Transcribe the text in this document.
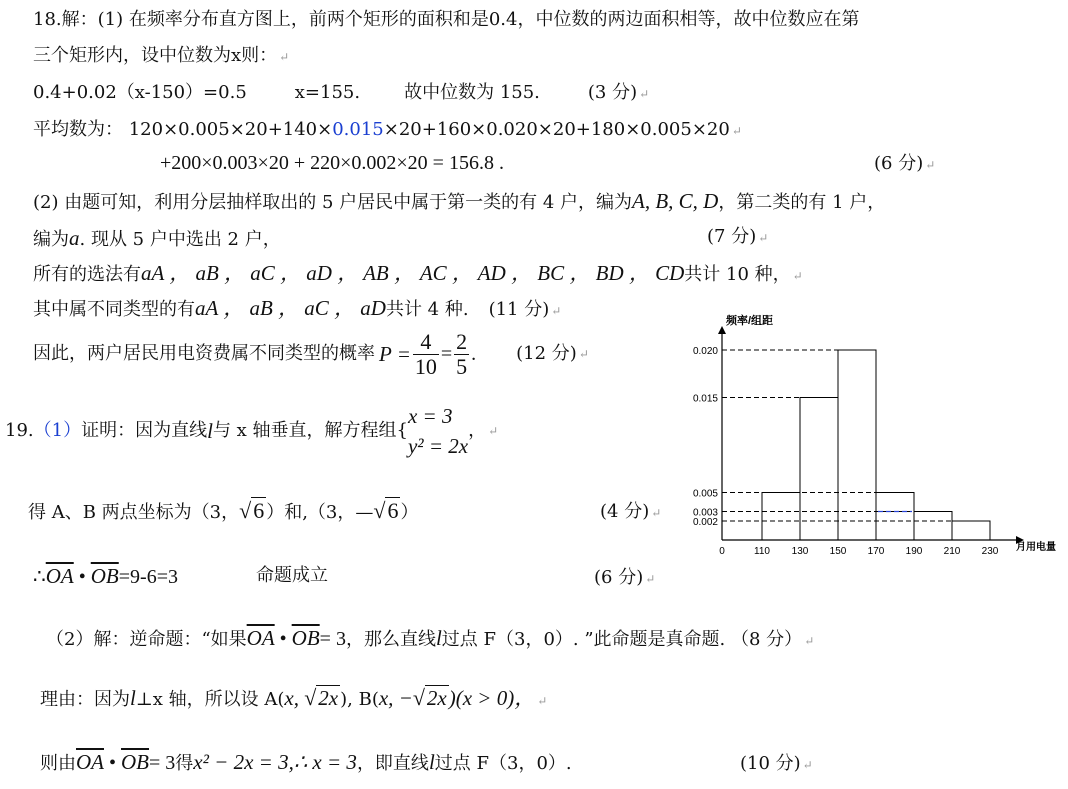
18.解：(1) 在频率分布直方图上，前两个矩形的面积和是0.4，中位数的两边面积相等，故中位数应在第
三个矩形内，设中位数为x则： ↵
0.4+0.02（x-150）=0.5	x=155. 故中位数为 155.	(3 分) ↵
平均数为： 120×0.005×20+140×0.015×20+160×0.020×20+180×0.005×20 ↵
+200×0.003×20 + 220×0.002×20 = 156.8 .	(6 分) ↵
(2) 由题可知，利用分层抽样取出的 5 户居民中属于第一类的有 4 户，编为A, B, C, D，第二类的有 1 户，
编为a. 现从 5 户中选出 2 户，	(7 分) ↵
所有的选法有aA ， aB ， aC ， aD ， AB ， AC ， AD ， BC ， BD ， CD共计 10 种， ↵
其中属不同类型的有aA ， aB ， aC ， aD共计 4 种. (11 分) ↵
因此，两户居民用电资费属不同类型的概率 $P = \frac{4}{10} = \frac{2}{5}$ . (12 分) ↵
19. （1） 证明：因为直线 l 与 x 轴垂直，解方程组{
x = 3
y² = 2x
， ↵
得 A、B 两点坐标为（3，√6 ）和,（3，—√6 ）	(4 分) ↵
$\therefore\overline{OA}$ • $\overline{OB}=9-6=3$	命题成立	(6 分) ↵
（2）解：逆命题：“如果$\overline{OA}$ • $\overline{OB}= 3$，那么直线l过点 F（3，0）. ”此命题是真命题. （8 分） ↵
理由：因为l⊥x 轴，所以设 A(x, √2x ), B(x, −√2x)(x > 0)， ↵
则由$\overline{OA}$ • $\overline{OB}= 3$得x² − 2x = 3,∴ x = 3，即直线l过点 F（3，0）.	(10 分) ↵
频率/组距
月用电量
0.020
0.015
0.005
0.003
0.002
0	110 130 150 170 190 210 230
